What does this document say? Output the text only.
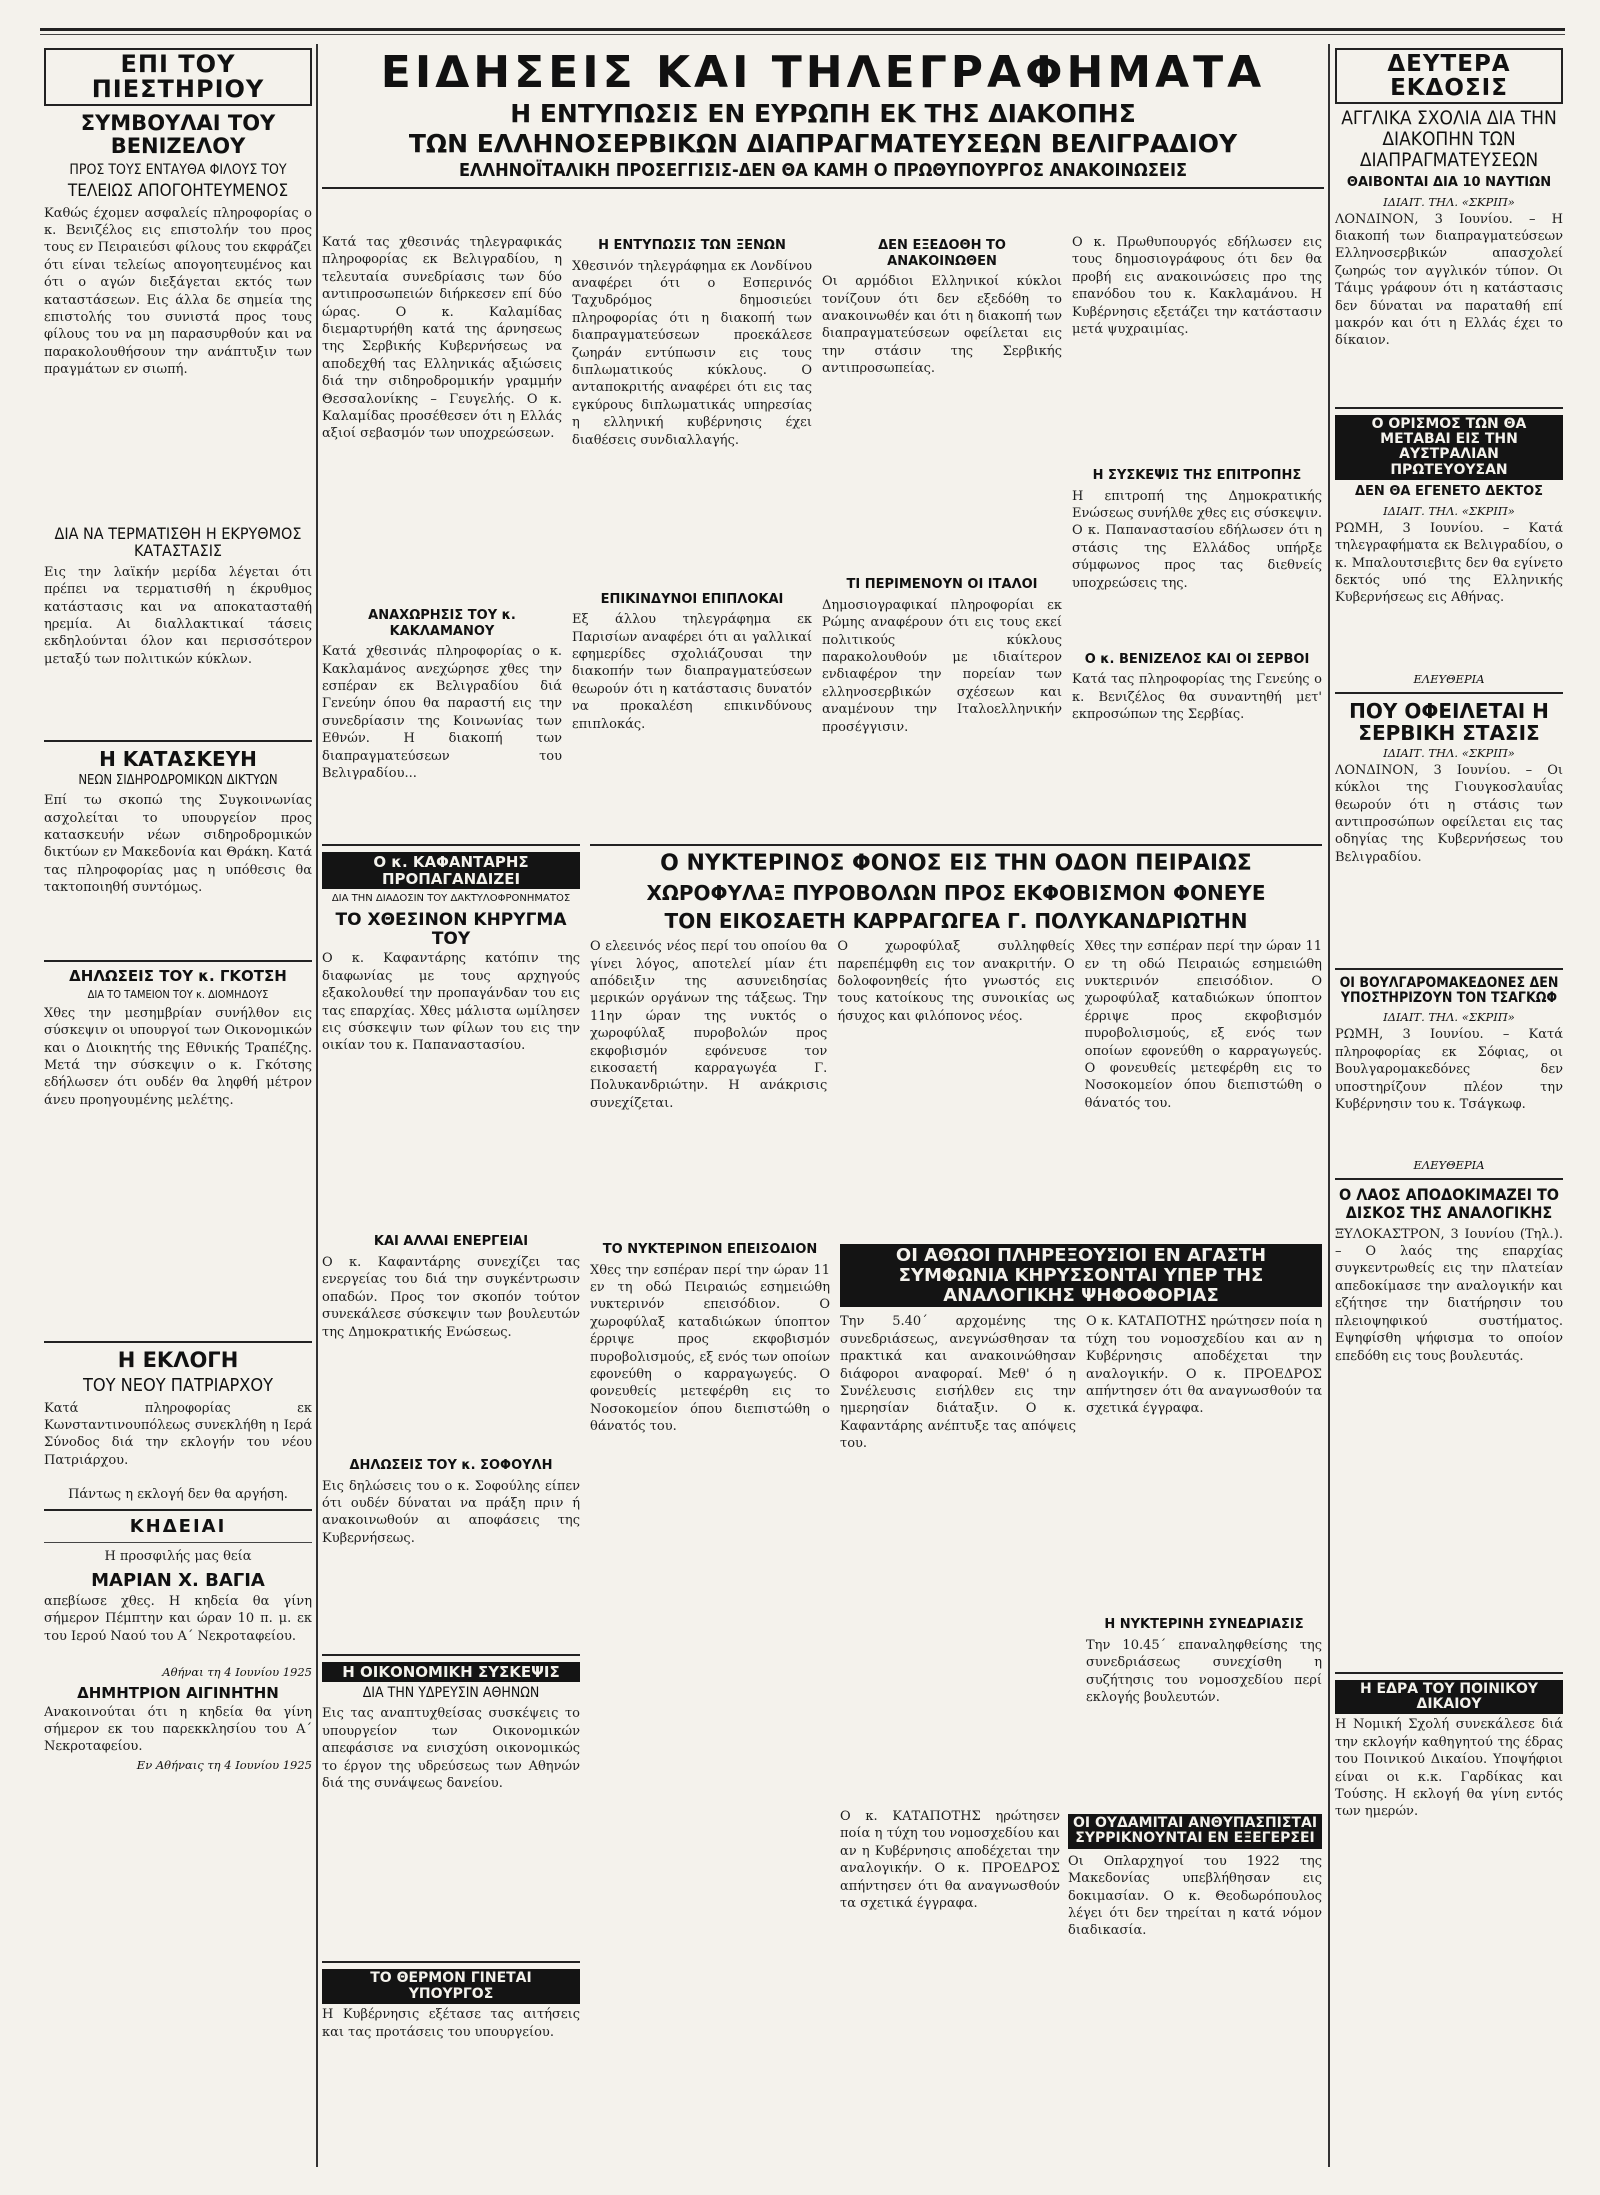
ΕΠΙ ΤΟΥ ΠΙΕΣΤΗΡΙΟΥ
ΣΥΜΒΟΥΛΑΙ ΤΟΥ ΒΕΝΙΖΕΛΟΥ
ΠΡΟΣ ΤΟΥΣ ΕΝΤΑΥΘΑ ΦΙΛΟΥΣ ΤΟΥ
ΤΕΛΕΙΩΣ ΑΠΟΓΟΗΤΕΥΜΕΝΟΣ

Καθώς έχομεν ασφαλείς πληροφορίας ο κ. Βενιζέλος εις επιστολήν του προς τους εν Πειραιεύσι φίλους του εκφράζει ότι είναι τελείως απογοητευμένος και ότι ο αγών διεξάγεται εκτός των καταστάσεων. Εις άλλα δε σημεία της επιστολής του συνιστά προς τους φίλους του να μη παρασυρθούν και να παρακολουθήσουν την ανάπτυξιν των πραγμάτων εν σιωπή.

ΔΙΑ ΝΑ ΤΕΡΜΑΤΙΣΘΗ Η ΕΚΡΥΘΜΟΣ ΚΑΤΑΣΤΑΣΙΣ

Εις την λαϊκήν μερίδα λέγεται ότι πρέπει να τερματισθή η έκρυθμος κατάστασις και να αποκατασταθή ηρεμία. Αι διαλλακτικαί τάσεις εκδηλούνται όλον και περισσότερον μεταξύ των πολιτικών κύκλων.

Η ΚΑΤΑΣΚΕΥΗ
ΝΕΩΝ ΣΙΔΗΡΟΔΡΟΜΙΚΩΝ ΔΙΚΤΥΩΝ

Επί τω σκοπώ της Συγκοινωνίας ασχολείται το υπουργείον προς κατασκευήν νέων σιδηροδρομικών δικτύων εν Μακεδονία και Θράκη. Κατά τας πληροφορίας μας η υπόθεσις θα τακτοποιηθή συντόμως.

ΔΗΛΩΣΕΙΣ ΤΟΥ κ. ΓΚΟΤΣΗ
ΔΙΑ ΤΟ ΤΑΜΕΙΟΝ ΤΟΥ κ. ΔΙΟΜΗΔΟΥΣ

Χθες την μεσημβρίαν συνήλθον εις σύσκεψιν οι υπουργοί των Οικονομικών και ο Διοικητής της Εθνικής Τραπέζης. Μετά την σύσκεψιν ο κ. Γκότσης εδήλωσεν ότι ουδέν θα ληφθή μέτρον άνευ προηγουμένης μελέτης.

Η ΕΚΛΟΓΗ
ΤΟΥ ΝΕΟΥ ΠΑΤΡΙΑΡΧΟΥ

Κατά πληροφορίας εκ Κωνσταντινουπόλεως συνεκλήθη η Ιερά Σύνοδος διά την εκλογήν του νέου Πατριάρχου.

Πάντως η εκλογή δεν θα αργήση.

ΚΗΔΕΙΑΙ

Η προσφιλής μας θεία

ΜΑΡΙΑΝ Χ. ΒΑΓΙΑ

απεβίωσε χθες. Η κηδεία θα γίνη σήμερον Πέμπτην και ώραν 10 π. μ. εκ του Ιερού Ναού του Α΄ Νεκροταφείου.

Αθήναι τη 4 Ιουνίου 1925

ΔΗΜΗΤΡΙΟΝ ΑΙΓΙΝΗΤΗΝ

Ανακοινούται ότι η κηδεία θα γίνη σήμερον εκ του παρεκκλησίου του Α΄ Νεκροταφείου.

Εν Αθήναις τη 4 Ιουνίου 1925

ΕΙΔΗΣΕΙΣ ΚΑΙ ΤΗΛΕΓΡΑΦΗΜΑΤΑ
Η ΕΝΤΥΠΩΣΙΣ ΕΝ ΕΥΡΩΠΗ ΕΚ ΤΗΣ ΔΙΑΚΟΠΗΣ
ΤΩΝ ΕΛΛΗΝΟΣΕΡΒΙΚΩΝ ΔΙΑΠΡΑΓΜΑΤΕΥΣΕΩΝ ΒΕΛΙΓΡΑΔΙΟΥ
ΕΛΛΗΝΟΪΤΑΛΙΚΗ ΠΡΟΣΕΓΓΙΣΙΣ-ΔΕΝ ΘΑ ΚΑΜΗ Ο ΠΡΩΘΥΠΟΥΡΓΟΣ ΑΝΑΚΟΙΝΩΣΕΙΣ

Κατά τας χθεσινάς τηλεγραφικάς πληροφορίας εκ Βελιγραδίου, η τελευταία συνεδρίασις των δύο αντιπροσωπειών διήρκεσεν επί δύο ώρας. Ο κ. Καλαμίδας διεμαρτυρήθη κατά της άρνησεως της Σερβικής Κυβερνήσεως να αποδεχθή τας Ελληνικάς αξιώσεις διά την σιδηροδρομικήν γραμμήν Θεσσαλονίκης – Γευγελής. Ο κ. Καλαμίδας προσέθεσεν ότι η Ελλάς αξιοί σεβασμόν των υποχρεώσεων.

ΑΝΑΧΩΡΗΣΙΣ ΤΟΥ κ. ΚΑΚΛΑΜΑΝΟΥ

Κατά χθεσινάς πληροφορίας ο κ. Κακλαμάνος ανεχώρησε χθες την εσπέραν εκ Βελιγραδίου διά Γενεύην όπου θα παραστή εις την συνεδρίασιν της Κοινωνίας των Εθνών. Η διακοπή των διαπραγματεύσεων του Βελιγραδίου...

Η ΕΝΤΥΠΩΣΙΣ ΤΩΝ ΞΕΝΩΝ

Χθεσινόν τηλεγράφημα εκ Λονδίνου αναφέρει ότι ο Εσπερινός Ταχυδρόμος δημοσιεύει πληροφορίας ότι η διακοπή των διαπραγματεύσεων προεκάλεσε ζωηράν εντύπωσιν εις τους διπλωματικούς κύκλους. Ο ανταποκριτής αναφέρει ότι εις τας εγκύρους διπλωματικάς υπηρεσίας η ελληνική κυβέρνησις έχει διαθέσεις συνδιαλλαγής.

ΕΠΙΚΙΝΔΥΝΟΙ ΕΠΙΠΛΟΚΑΙ

Εξ άλλου τηλεγράφημα εκ Παρισίων αναφέρει ότι αι γαλλικαί εφημερίδες σχολιάζουσαι την διακοπήν των διαπραγματεύσεων θεωρούν ότι η κατάστασις δυνατόν να προκαλέση επικινδύνους επιπλοκάς.

ΔΕΝ ΕΞΕΔΟΘΗ ΤΟ ΑΝΑΚΟΙΝΩΘΕΝ

Οι αρμόδιοι Ελληνικοί κύκλοι τονίζουν ότι δεν εξεδόθη το ανακοινωθέν και ότι η διακοπή των διαπραγματεύσεων οφείλεται εις την στάσιν της Σερβικής αντιπροσωπείας.

ΤΙ ΠΕΡΙΜΕΝΟΥΝ ΟΙ ΙΤΑΛΟΙ

Δημοσιογραφικαί πληροφορίαι εκ Ρώμης αναφέρουν ότι εις τους εκεί πολιτικούς κύκλους παρακολουθούν με ιδιαίτερον ενδιαφέρον την πορείαν των ελληνοσερβικών σχέσεων και αναμένουν την Ιταλοελληνικήν προσέγγισιν.

Ο κ. Πρωθυπουργός εδήλωσεν εις τους δημοσιογράφους ότι δεν θα προβή εις ανακοινώσεις προ της επανόδου του κ. Κακλαμάνου. Η Κυβέρνησις εξετάζει την κατάστασιν μετά ψυχραιμίας.

Η ΣΥΣΚΕΨΙΣ ΤΗΣ ΕΠΙΤΡΟΠΗΣ

Η επιτροπή της Δημοκρατικής Ενώσεως συνήλθε χθες εις σύσκεψιν. Ο κ. Παπαναστασίου εδήλωσεν ότι η στάσις της Ελλάδος υπήρξε σύμφωνος προς τας διεθνείς υποχρεώσεις της.

Ο κ. ΒΕΝΙΖΕΛΟΣ ΚΑΙ ΟΙ ΣΕΡΒΟΙ

Κατά τας πληροφορίας της Γενεύης ο κ. Βενιζέλος θα συναντηθή μετ' εκπροσώπων της Σερβίας.

Ο κ. ΚΑΦΑΝΤΑΡΗΣ ΠΡΟΠΑΓΑΝΔΙΖΕΙ
ΔΙΑ ΤΗΝ ΔΙΑΔΟΣΙΝ ΤΟΥ ΔΑΚΤΥΛΟΦΡΟΝΗΜΑΤΟΣ
ΤΟ ΧΘΕΣΙΝΟΝ ΚΗΡΥΓΜΑ ΤΟΥ

Ο κ. Καφαντάρης κατόπιν της διαφωνίας με τους αρχηγούς εξακολουθεί την προπαγάνδαν του εις τας επαρχίας. Χθες μάλιστα ωμίλησεν εις σύσκεψιν των φίλων του εις την οικίαν του κ. Παπαναστασίου.

ΚΑΙ ΑΛΛΑΙ ΕΝΕΡΓΕΙΑΙ

Ο κ. Καφαντάρης συνεχίζει τας ενεργείας του διά την συγκέντρωσιν οπαδών. Προς τον σκοπόν τούτον συνεκάλεσε σύσκεψιν των βουλευτών της Δημοκρατικής Ενώσεως.

ΔΗΛΩΣΕΙΣ ΤΟΥ κ. ΣΟΦΟΥΛΗ

Εις δηλώσεις του ο κ. Σοφούλης είπεν ότι ουδέν δύναται να πράξη πριν ή ανακοινωθούν αι αποφάσεις της Κυβερνήσεως.

Η ΟΙΚΟΝΟΜΙΚΗ ΣΥΣΚΕΨΙΣ
ΔΙΑ ΤΗΝ ΥΔΡΕΥΣΙΝ ΑΘΗΝΩΝ

Εις τας αναπτυχθείσας συσκέψεις το υπουργείον των Οικονομικών απεφάσισε να ενισχύση οικονομικώς το έργον της υδρεύσεως των Αθηνών διά της συνάψεως δανείου.

ΤΟ ΘΕΡΜΟΝ ΓΙΝΕΤΑΙ ΥΠΟΥΡΓΟΣ

Η Κυβέρνησις εξέτασε τας αιτήσεις και τας προτάσεις του υπουργείου.

Ο ΝΥΚΤΕΡΙΝΟΣ ΦΟΝΟΣ ΕΙΣ ΤΗΝ ΟΔΟΝ ΠΕΙΡΑΙΩΣ
ΧΩΡΟΦΥΛΑΞ ΠΥΡΟΒΟΛΩΝ ΠΡΟΣ ΕΚΦΟΒΙΣΜΟΝ ΦΟΝΕΥΕ
ΤΟΝ ΕΙΚΟΣΑΕΤΗ ΚΑΡΡΑΓΩΓΕΑ Γ. ΠΟΛΥΚΑΝΔΡΙΩΤΗΝ

Ο ελεεινός νέος περί του οποίου θα γίνει λόγος, αποτελεί μίαν έτι απόδειξιν της ασυνειδησίας μερικών οργάνων της τάξεως. Την 11ην ώραν της νυκτός ο χωροφύλαξ πυροβολών προς εκφοβισμόν εφόνευσε τον εικοσαετή καρραγωγέα Γ. Πολυκανδριώτην. Η ανάκρισις συνεχίζεται.

Ο χωροφύλαξ συλληφθείς παρεπέμφθη εις τον ανακριτήν. Ο δολοφονηθείς ήτο γνωστός εις τους κατοίκους της συνοικίας ως ήσυχος και φιλόπονος νέος.

Χθες την εσπέραν περί την ώραν 11 εν τη οδώ Πειραιώς εσημειώθη νυκτερινόν επεισόδιον. Ο χωροφύλαξ καταδιώκων ύποπτον έρριψε προς εκφοβισμόν πυροβολισμούς, εξ ενός των οποίων εφονεύθη ο καρραγωγεύς. Ο φονευθείς μετεφέρθη εις το Νοσοκομείον όπου διεπιστώθη ο θάνατός του.

ΤΟ ΝΥΚΤΕΡΙΝΟΝ ΕΠΕΙΣΟΔΙΟΝ

Χθες την εσπέραν περί την ώραν 11 εν τη οδώ Πειραιώς εσημειώθη νυκτερινόν επεισόδιον. Ο χωροφύλαξ καταδιώκων ύποπτον έρριψε προς εκφοβισμόν πυροβολισμούς, εξ ενός των οποίων εφονεύθη ο καρραγωγεύς. Ο φονευθείς μετεφέρθη εις το Νοσοκομείον όπου διεπιστώθη ο θάνατός του.

ΟΙ ΑΘΩΟΙ ΠΛΗΡΕΞΟΥΣΙΟΙ ΕΝ ΑΓΑΣΤΗ ΣΥΜΦΩΝΙΑ ΚΗΡΥΣΣΟΝΤΑΙ ΥΠΕΡ ΤΗΣ ΑΝΑΛΟΓΙΚΗΣ ΨΗΦΟΦΟΡΙΑΣ

Την 5.40΄ αρχομένης της συνεδριάσεως, ανεγνώσθησαν τα πρακτικά και ανακοινώθησαν διάφοροι αναφοραί. Μεθ' ό η Συνέλευσις εισήλθεν εις την ημερησίαν διάταξιν. Ο κ. Καφαντάρης ανέπτυξε τας απόψεις του.

Ο κ. ΚΑΤΑΠΟΤΗΣ ηρώτησεν ποία η τύχη του νομοσχεδίου και αν η Κυβέρνησις αποδέχεται την αναλογικήν. Ο κ. ΠΡΟΕΔΡΟΣ απήντησεν ότι θα αναγνωσθούν τα σχετικά έγγραφα.

Η ΝΥΚΤΕΡΙΝΗ ΣΥΝΕΔΡΙΑΣΙΣ

Την 10.45΄ επαναληφθείσης της συνεδριάσεως συνεχίσθη η συζήτησις του νομοσχεδίου περί εκλογής βουλευτών.

ΟΙ ΟΥΔΑΜΙΤΑΙ ΑΝΘΥΠΑΣΠΙΣΤΑΙ ΣΥΡΡΙΚΝΟΥΝΤΑΙ ΕΝ ΕΞΕΓΕΡΣΕΙ

Οι Οπλαρχηγοί του 1922 της Μακεδονίας υπεβλήθησαν εις δοκιμασίαν. Ο κ. Θεοδωρόπουλος λέγει ότι δεν τηρείται η κατά νόμον διαδικασία.

Ο κ. ΚΑΤΑΠΟΤΗΣ ηρώτησεν ποία η τύχη του νομοσχεδίου και αν η Κυβέρνησις αποδέχεται την αναλογικήν. Ο κ. ΠΡΟΕΔΡΟΣ απήντησεν ότι θα αναγνωσθούν τα σχετικά έγγραφα.

ΔΕΥΤΕΡΑ ΕΚΔΟΣΙΣ
ΑΓΓΛΙΚΑ ΣΧΟΛΙΑ ΔΙΑ ΤΗΝ ΔΙΑΚΟΠΗΝ ΤΩΝ ΔΙΑΠΡΑΓΜΑΤΕΥΣΕΩΝ
ΘΑΙΒΟΝΤΑΙ ΔΙΑ 10 ΝΑΥΤΙΩΝ

ΙΔΙΑΙΤ. ΤΗΛ. «ΣΚΡΙΠ»

ΛΟΝΔΙΝΟΝ, 3 Ιουνίου. – Η διακοπή των διαπραγματεύσεων Ελληνοσερβικών απασχολεί ζωηρώς τον αγγλικόν τύπον. Οι Τάιμς γράφουν ότι η κατάστασις δεν δύναται να παραταθή επί μακρόν και ότι η Ελλάς έχει το δίκαιον.

Ο ΟΡΙΣΜΟΣ ΤΩΝ ΘΑ ΜΕΤΑΒΑΙ ΕΙΣ ΤΗΝ ΑΥΣΤΡΑΛΙΑΝ ΠΡΩΤΕΥΟΥΣΑΝ
ΔΕΝ ΘΑ ΕΓΕΝΕΤΟ ΔΕΚΤΟΣ

ΙΔΙΑΙΤ. ΤΗΛ. «ΣΚΡΙΠ»

ΡΩΜΗ, 3 Ιουνίου. – Κατά τηλεγραφήματα εκ Βελιγραδίου, ο κ. Μπαλουτσιεβιτς δεν θα εγίνετο δεκτός υπό της Ελληνικής Κυβερνήσεως εις Αθήνας.

ΕΛΕΥΘΕΡΙΑ

ΠΟΥ ΟΦΕΙΛΕΤΑΙ Η ΣΕΡΒΙΚΗ ΣΤΑΣΙΣ

ΙΔΙΑΙΤ. ΤΗΛ. «ΣΚΡΙΠ»

ΛΟΝΔΙΝΟΝ, 3 Ιουνίου. – Οι κύκλοι της Γιουγκοσλαυΐας θεωρούν ότι η στάσις των αντιπροσώπων οφείλεται εις τας οδηγίας της Κυβερνήσεως του Βελιγραδίου.

ΟΙ ΒΟΥΛΓΑΡΟΜΑΚΕΔΟΝΕΣ ΔΕΝ ΥΠΟΣΤΗΡΙΖΟΥΝ ΤΟΝ ΤΣΑΓΚΩΦ

ΙΔΙΑΙΤ. ΤΗΛ. «ΣΚΡΙΠ»

ΡΩΜΗ, 3 Ιουνίου. – Κατά πληροφορίας εκ Σόφιας, οι Βουλγαρομακεδόνες δεν υποστηρίζουν πλέον την Κυβέρνησιν του κ. Τσάγκωφ.

ΕΛΕΥΘΕΡΙΑ

Ο ΛΑΟΣ ΑΠΟΔΟΚΙΜΑΖΕΙ ΤΟ ΔΙΣΚΟΣ ΤΗΣ ΑΝΑΛΟΓΙΚΗΣ

ΞΥΛΟΚΑΣΤΡΟΝ, 3 Ιουνίου (Τηλ.). – Ο λαός της επαρχίας συγκεντρωθείς εις την πλατείαν απεδοκίμασε την αναλογικήν και εζήτησε την διατήρησιν του πλειοψηφικού συστήματος. Εψηφίσθη ψήφισμα το οποίον επεδόθη εις τους βουλευτάς.

Η ΕΔΡΑ ΤΟΥ ΠΟΙΝΙΚΟΥ ΔΙΚΑΙΟΥ

Η Νομική Σχολή συνεκάλεσε διά την εκλογήν καθηγητού της έδρας του Ποινικού Δικαίου. Υποψήφιοι είναι οι κ.κ. Γαρδίκας και Τούσης. Η εκλογή θα γίνη εντός των ημερών.
